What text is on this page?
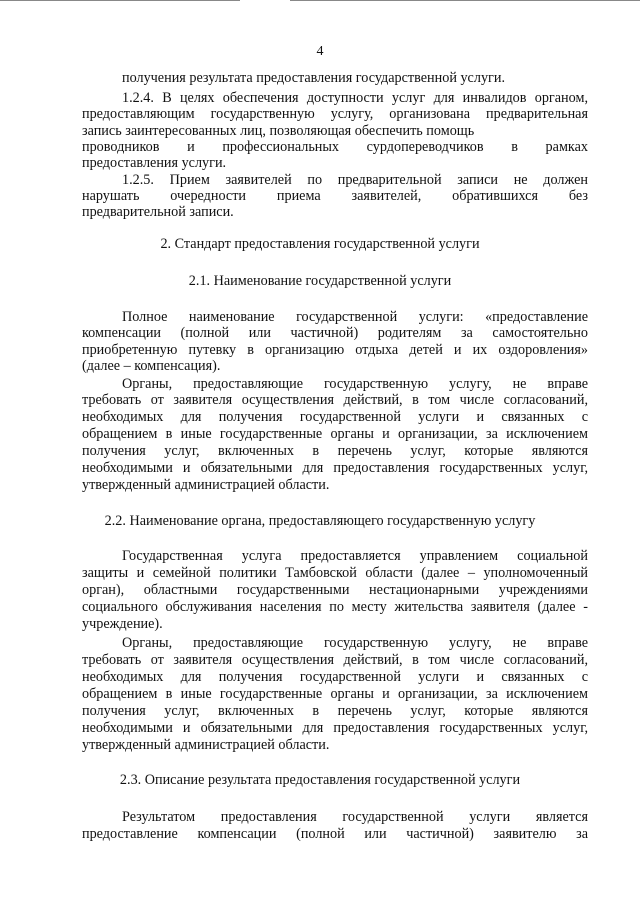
4
получения результата предоставления государственной услуги.
1.2.4. В целях обеспечения доступности услуг для инвалидов органом,
предоставляющим государственную услугу, организована предварительная
запись заинтересованных лиц, позволяющая обеспечить помощь
проводников и профессиональных сурдопереводчиков в рамках
предоставления услуги.
1.2.5. Прием заявителей по предварительной записи не должен
нарушать очередности приема заявителей, обратившихся без
предварительной записи.
Полное наименование государственной услуги: «предоставление
компенсации (полной или частичной) родителям за самостоятельно
приобретенную путевку в организацию отдыха детей и их оздоровления»
(далее – компенсация).
Органы, предоставляющие государственную услугу, не вправе
требовать от заявителя осуществления действий, в том числе согласований,
необходимых для получения государственной услуги и связанных с
обращением в иные государственные органы и организации, за исключением
получения услуг, включенных в перечень услуг, которые являются
необходимыми и обязательными для предоставления государственных услуг,
утвержденный администрацией области.
Государственная услуга предоставляется управлением социальной
защиты и семейной политики Тамбовской области (далее – уполномоченный
орган), областными государственными нестационарными учреждениями
социального обслуживания населения по месту жительства заявителя (далее -
учреждение).
Органы, предоставляющие государственную услугу, не вправе
требовать от заявителя осуществления действий, в том числе согласований,
необходимых для получения государственной услуги и связанных с
обращением в иные государственные органы и организации, за исключением
получения услуг, включенных в перечень услуг, которые являются
необходимыми и обязательными для предоставления государственных услуг,
утвержденный администрацией области.
Результатом предоставления государственной услуги является
предоставление компенсации (полной или частичной) заявителю за
2. Стандарт предоставления государственной услуги
2.1. Наименование государственной услуги
2.2. Наименование органа, предоставляющего государственную услугу
2.3. Описание результата предоставления государственной услуги
